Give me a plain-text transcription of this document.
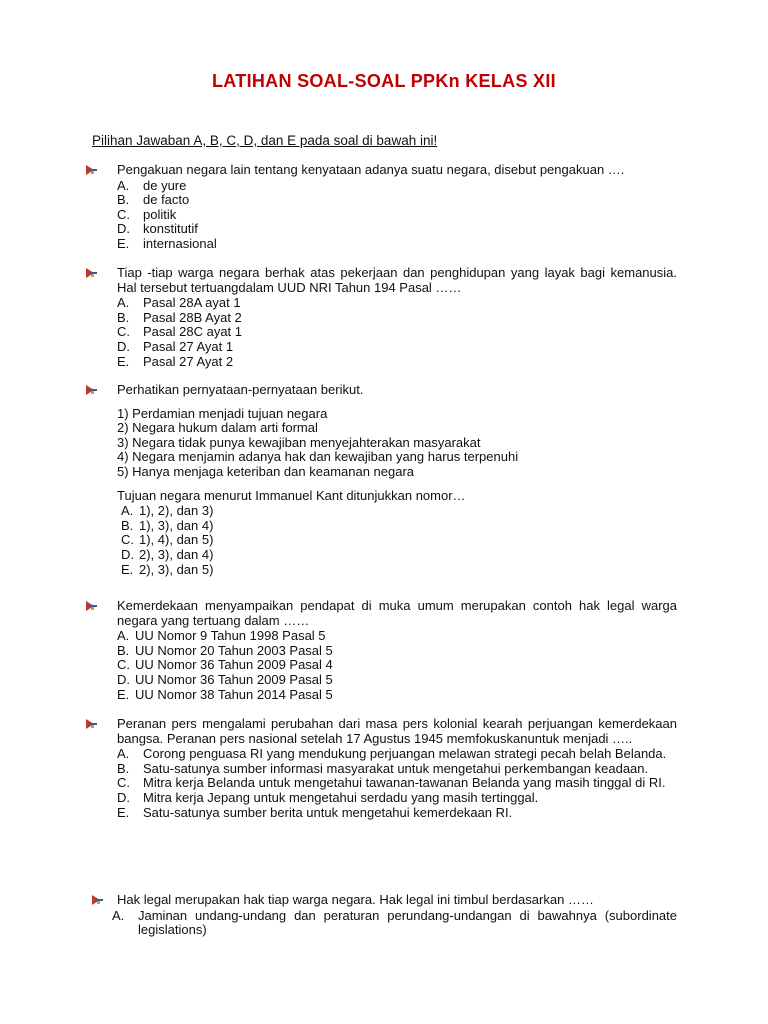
LATIHAN SOAL-SOAL PPKn KELAS XII
Pilihan Jawaban A, B, C, D, dan E pada soal di bawah ini!
Pengakuan negara lain tentang kenyataan adanya suatu negara, disebut pengakuan ….
A.	de yure
B.	de facto
C.	politik
D.	konstitutif
E.	internasional
Tiap -tiap warga negara berhak atas pekerjaan dan penghidupan yang layak bagi kemanusia. Hal tersebut tertuangdalam UUD NRI Tahun 194 Pasal ……
A.	Pasal 28A ayat 1
B.	Pasal 28B Ayat 2
C.	Pasal 28C ayat 1
D.	Pasal 27 Ayat 1
E.	Pasal 27 Ayat 2
Perhatikan pernyataan-pernyataan berikut.
1) Perdamian menjadi tujuan negara
2) Negara hukum dalam arti formal
3) Negara tidak punya kewajiban menyejahterakan masyarakat
4) Negara menjamin adanya hak dan kewajiban yang harus terpenuhi
5) Hanya menjaga keteriban dan keamanan negara
Tujuan negara menurut Immanuel Kant ditunjukkan nomor…
A. 1), 2), dan 3)
B. 1), 3), dan 4)
C. 1), 4), dan 5)
D. 2), 3), dan 4)
E. 2), 3), dan 5)
Kemerdekaan menyampaikan pendapat di muka umum merupakan contoh hak legal warga negara yang tertuang dalam ……
A. UU Nomor 9 Tahun 1998 Pasal 5
B. UU Nomor 20 Tahun 2003 Pasal 5
C. UU Nomor 36 Tahun 2009 Pasal 4
D. UU Nomor 36 Tahun 2009 Pasal 5
E. UU Nomor 38 Tahun 2014 Pasal 5
Peranan pers mengalami perubahan dari masa pers kolonial kearah perjuangan kemerdekaan bangsa. Peranan pers nasional setelah 17 Agustus 1945 memfokuskanuntuk menjadi …..
A.	Corong penguasa RI yang mendukung perjuangan melawan strategi pecah belah Belanda.
B.	Satu-satunya sumber informasi masyarakat untuk mengetahui perkembangan keadaan.
C.	Mitra kerja Belanda untuk mengetahui tawanan-tawanan Belanda yang masih tinggal di RI.
D.	Mitra kerja Jepang untuk mengetahui serdadu yang masih tertinggal.
E.	Satu-satunya sumber berita untuk mengetahui kemerdekaan RI.
Hak legal merupakan hak tiap warga negara. Hak legal ini timbul berdasarkan ……
A.	Jaminan undang-undang dan peraturan perundang-undangan di bawahnya (subordinate legislations)
